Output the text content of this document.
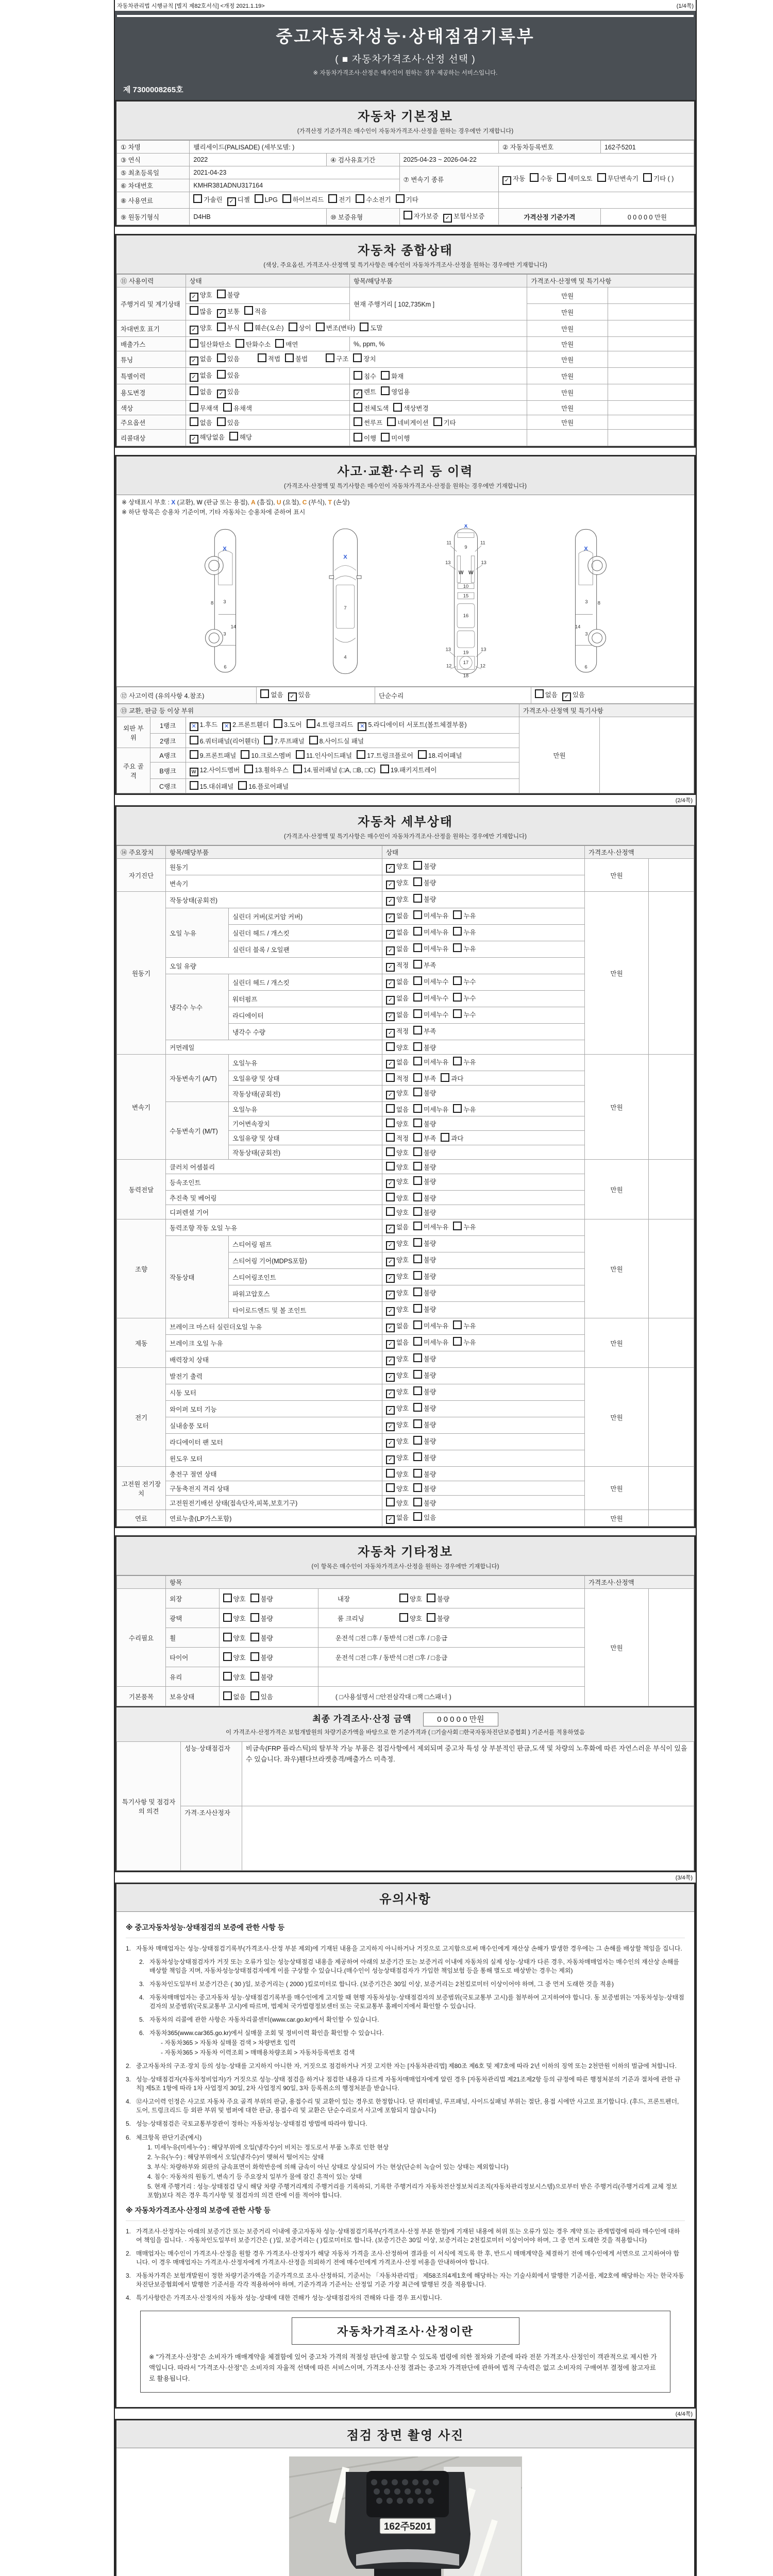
자동차관리법 시행규칙 [별지 제82호서식] <개정 2021.1.19>	(1/4쪽)
중고자동차성능·상태점검기록부
( ■ 자동차가격조사·산정 선택 )
※ 자동차가격조사·산정은 매수인이 원하는 경우 제공하는 서비스입니다.
제 7300008265호
자동차 기본정보
(가격산정 기준가격은 매수인이 자동차가격조사·산정을 원하는 경우에만 기재합니다)
① 차명	팰리세이드(PALISADE) (세부모델: )			② 자동차등록번호	162주5201
③ 연식	2022	④ 검사유효기간	2025-04-23 ~ 2026-04-22		
⑤ 최초등록일	2021-04-23		⑦ 변속기 종류	✓자동 수동 세미오토 무단변속기 기타 ( )
⑥ 차대번호	KMHR381ADNU317164				
⑧ 사용연료	가솔린 ✓ 디젤 LPG 하이브리드 전기 수소전기 기타	
⑨ 원동기형식	D4HB	⑩ 보증유형	자가보증 ✓ 보험사보증	가격산정 기준가격	0 0 0 0 0 만원
자동차 종합상태
(색상, 주요옵션, 가격조사·산정액 및 특기사항은 매수인이 자동차가격조사·산정을 원하는 경우에만 기재합니다)
⑪ 사용이력	상태	항목/해당부품	가격조사·산정액 및 특기사항	
주행거리 및 계기상태	✓양호 불량	현재 주행거리 [ 102,735Km ]	만원	
	많음 ✓ 보통 적음		만원	
차대번호 표기	✓양호 부식 훼손(오손) 상이 변조(변타) 도말		만원	
배출가스	일산화탄소 탄화수소 매연	%, ppm, %	만원	
튜닝	✓없음 있음 적법 불법 구조 장치		만원	
특별이력	✓없음 있음	침수 화재	만원	
용도변경	없음 ✓ 있음	✓렌트 영업용	만원	
색상	무채색 유채색	전체도색 색상변경	만원	
주요옵션	없음 있음	썬루프 네비게이션 기타	만원	
리콜대상	✓해당없음 해당	이행 미이행		
사고·교환·수리 등 이력
(가격조사·산정액 및 특기사항은 매수인이 자동차가격조사·산정을 원하는 경우에만 기재합니다)
※ 상태표시 부호 : X (교환), W (판금 또는 용접), A (흠집), U (요철), C (부식), T (손상)
※ 하단 항목은 승용차 기준이며, 기타 자동차는 승용차에 준하여 표시
X
8 3
14
3
6
X
7
4
X
9
11	11
13	13
W W
10
15
16
13	13
19
12	12
17
18
X
3 8
14
3
6
⑫ 사고이력 (유의사항 4.참조)	없음 ✓ 있음	단순수리	없음 ✓ 있음
⑬ 교환, 판금 등 이상 부위			가격조사·산정액 및 특기사항	
외판 부위	1랭크	✕1.후드 ✕ 2.프론트휀더 3.도어 4.트렁크리드 ✕ 5.라디에이터 서포트(볼트체결부품)	만원	
	2랭크	6.쿼터패널(리어휀더) 7.루프패널 8.사이드실 패널		
주요 골격	A랭크	9.프론트패널 10.크로스멤버 11.인사이드패널 17.트렁크플로어 18.리어패널		
	B랭크	W12.사이드멤버 13.휠하우스 14.필러패널 (□A, □B, □C) 19.패키지트레이
	C랭크	15.대쉬패널 16.플로어패널		
(2/4쪽)
자동차 세부상태
(가격조사·산정액 및 특기사항은 매수인이 자동차가격조사·산정을 원하는 경우에만 기재합니다)
⑭ 주요장치	항목/해당부품		상태	가격조사·산정액	
자기진단	원동기	✓양호 불량	만원	
	변속기	✓양호 불량
원동기	작동상태(공회전)	✓양호 불량	만원	
	오일 누유	실린더 커버(로커암 커버)	✓없음 미세누유 누유
		실린더 헤드 / 개스킷	✓없음 미세누유 누유
		실린더 블록 / 오일팬	✓없음 미세누유 누유
	오일 유량	✓적정 부족
	냉각수 누수	실린더 헤드 / 개스킷	✓없음 미세누수 누수
		워터펌프	✓없음 미세누수 누수
		라디에이터	✓없음 미세누수 누수
		냉각수 수량	✓적정 부족
	커먼레일		양호 불량		
변속기	자동변속기 (A/T)	오일누유	✓없음 미세누유 누유	만원	
		오일유량 및 상태	적정 부족 과다		
		작동상태(공회전)	✓양호 불량
	수동변속기 (M/T)	오일누유	없음 미세누유 누유		
		기어변속장치	양호 불량		
		오일유량 및 상태	적정 부족 과다		
		작동상태(공회전)	양호 불량		
동력전달	클러치 어셈블리		양호 불량	만원	
	등속조인트	✓양호 불량
	추진축 및 베어링		양호 불량		
	디퍼렌셜 기어		양호 불량		
조향	동력조향 작동 오일 누유	✓없음 미세누유 누유	만원	
	작동상태	스티어링 펌프	✓양호 불량
		스티어링 기어(MDPS포함)	✓양호 불량
		스티어링조인트	✓양호 불량
		파워고압호스	✓양호 불량
		타이로드엔드 및 볼 조인트	✓양호 불량
제동	브레이크 마스터 실린더오일 누유	✓없음 미세누유 누유	만원	
	브레이크 오일 누유	✓없음 미세누유 누유
	배력장치 상태	✓양호 불량
전기	발전기 출력	✓양호 불량	만원	
	시동 모터	✓양호 불량
	와이퍼 모터 기능	✓양호 불량
	실내송풍 모터	✓양호 불량
	라디에이터 팬 모터	✓양호 불량
	윈도우 모터	✓양호 불량
고전원 전기장치	충전구 절연 상태		양호 불량	만원	
	구동축전지 격리 상태		양호 불량		
	고전원전기배선 상태(접속단자,피복,보호기구)		양호 불량		
연료	연료누출(LP가스포함)	✓없음 있음	만원	
자동차 기타정보
(이 항목은 매수인이 자동차가격조사·산정을 원하는 경우에만 기재합니다)
	항목			가격조사·산정액	
수리필요	외장	양호 불량	내장 양호 불량	만원	
	광택	양호 불량	룸 크리닝 양호 불량		
	휠	양호 불량	운전석 □전 □후 / 동반석 □전 □후 / □응급		
	타이어	양호 불량	운전석 □전 □후 / 동반석 □전 □후 / □응급		
	유리	양호 불량			
기본품목	보유상태	없음 있음	( □사용설명서 □안전삼각대 □잭 □스패너 )		
최종 가격조사·산정 금액	0 0 0 0 0 만원
이 가격조사·산정가격은 보험개발원의 차량기준가액을 바탕으로 한 기준가격과 ( □기술사회 □한국자동차진단보증협회 ) 기준서를 적용하였음
특기사항 및 점검자의 의견	성능·상태점검자	비금속(FRP 플라스틱)의 탈부착 가능 부품은 점검사항에서 제외되며 중고차 특성 상 부분적인 판금,도색 및 차량의 노후화에 따른 자연스러운 부식이 있을 수 있습니다. 좌우)휀다브라켓충격/배출가스 미측정.
	가격·조사산정자	
(3/4쪽)
유의사항
※ 중고자동차성능·상태점검의 보증에 관한 사항 등
1. 자동차 매매업자는 성능·상태점검기록부(가격조사·산정 부분 제외)에 기재된 내용을 고지하지 아니하거나 거짓으로 고지함으로써 매수인에게 재산상 손해가 발생한 경우에는 그 손해를 배상할 책임을 집니다.
2. 자동차성능상태점검자가 거짓 또는 오류가 있는 성능상태점검 내용을 제공하여 아래의 보증기간 또는 보증거리 이내에 자동차의 실제 성능·상태가 다른 경우, 자동차매매업자는 매수인의 재산상 손해를 배상할 책임을 지며, 자동차성능상태점검자에게 이를 구상할 수 있습니다.(매수인이 성능상태점검자가 가입한 책임보험 등을 통해 별도로 배상받는 경우는 제외)
3. 자동차인도일부터 보증기간은 ( 30 )일, 보증거리는 ( 2000 )킬로미터로 합니다. (보증기간은 30일 이상, 보증거리는 2천킬로미터 이상이어야 하며, 그 중 먼저 도래한 것을 적용)
4. 자동차매매업자는 중고자동차 성능·상태점검기록부를 매수인에게 고지할 때 현행 자동차성능·상태점검자의 보증범위(국토교통부 고시)를 첨부하여 고지하여야 합니다. 동 보증범위는 '자동차성능·상태점검자의 보증범위'(국토교통부 고시)에 따르며, 법제처 국가법령정보센터 또는 국토교통부 홈페이지에서 확인할 수 있습니다.
5. 자동차의 리콜에 관한 사항은 자동차리콜센터(www.car.go.kr)에서 확인할 수 있습니다.
6. 자동차365(www.car365.go.kr)에서 실매물 조회 및 정비이력 확인을 확인할 수 있습니다.
- 자동차365 > 자동차 실매물 검색 > 차량번호 입력
- 자동차365 > 자동차 이력조회 > 매매용차량조회 > 자동차등록번호 검색
2. 중고자동차의 구조·장치 등의 성능·상태를 고지하지 아니한 자, 거짓으로 점검하거나 거짓 고지한 자는 [자동차관리법] 제80조 제6호 및 제7호에 따라 2년 이하의 징역 또는 2천만원 이하의 벌금에 처합니다.
3. 성능·상태점검자(자동차정비업자)가 거짓으로 성능·상태 점검을 하거나 점검한 내용과 다르게 자동차매매업자에게 알린 경우 [자동차관리법 제21조제2항 등의 규정에 따른 행정처분의 기준과 절차에 관한 규칙] 제5조 1항에 따라 1차 사업정지 30일, 2차 사업정지 90일, 3차 등록취소의 행정처분을 받습니다.
4. ⑫사고이력 인정은 사고로 자동차 주요 골격 부위의 판금, 용접수리 및 교환이 있는 경우로 한정합니다. 단 쿼터패널, 루프패널, 사이드실패널 부위는 절단, 용접 시에만 사고로 표기합니다. (후드, 프론트펜더, 도어, 트렁크리드 등 외판 부위 및 범퍼에 대한 판금, 용접수리 및 교환은 단순수리로서 사고에 포함되지 않습니다)
5. 성능·상태점검은 국토교통부장관이 정하는 자동차성능·상태점검 방법에 따라야 합니다.
6. 체크항목 판단기준(예시)
1. 미세누유(미세누수) : 해당부위에 오일(냉각수)이 비치는 정도로서 부품 노후로 인한 현상
2. 누유(누수) : 해당부위에서 오일(냉각수)이 맺혀서 떨어지는 상태
3. 부식: 차량하부와 외판의 금속표면이 화학반응에 의해 금속이 아닌 상태로 상실되어 가는 현상(단순히 녹슬어 있는 상태는 제외합니다)
4. 침수: 자동차의 원동기, 변속기 등 주요장치 일부가 물에 잠긴 흔적이 있는 상태
5. 현재 주행거리 : 성능·상태점검 당시 해당 차량 주행거리계의 주행거리를 기록하되, 기록한 주행거리가 자동차전산정보처리조직(자동차관리정보시스템)으로부터 받은 주행거리(주행거리계 교체 정보 포함)보다 적은 경우 특기사항 및 점검자의 의견 란에 이를 적어야 합니다.
※ 자동차가격조사·산정의 보증에 관한 사항 등
1. 가격조사·산정자는 아래의 보증기간 또는 보증거리 이내에 중고자동차 성능·상태점검기록부(가격조사·산정 부분 한정)에 기재된 내용에 허위 또는 오류가 있는 경우 계약 또는 관계법령에 따라 매수인에 대하여 책임을 집니다. · 자동차인도일부터 보증기간은 ( )일, 보증거리는 ( )킬로미터로 합니다. (보증기간은 30일 이상, 보증거리는 2천킬로미터 이상이어야 하며, 그 중 먼저 도래한 것을 적용합니다)
2. 매매업자는 매수인이 가격조사·산정을 원할 경우 가격조사·산정자가 해당 자동차 가격을 조사·산정하여 결과를 이 서식에 적도록 한 후, 반드시 매매계약을 체결하기 전에 매수인에게 서면으로 고지하여야 합니다. 이 경우 매매업자는 가격조사·산정자에게 가격조사·산정을 의뢰하기 전에 매수인에게 가격조사·산정 비용을 안내하여야 합니다.
3. 자동차가격은 보험개발원이 정한 차량기준가액을 기준가격으로 조사·산정하되, 기준서는 「자동차관리법」 제58조의4제1호에 해당하는 자는 기술사회에서 발행한 기준서를, 제2호에 해당하는 자는 한국자동차진단보증협회에서 발행한 기준서를 각각 적용하여야 하며, 기준가격과 기준서는 산정일 기준 가장 최근에 발행된 것을 적용합니다.
4. 특기사항란은 가격조사·산정자의 자동차 성능·상태에 대한 견해가 성능·상태점검자의 견해와 다를 경우 표시합니다.
자동차가격조사·산정이란
※ "가격조사·산정"은 소비자가 매매계약을 체결함에 있어 중고차 가격의 적절성 판단에 참고할 수 있도록 법령에 의한 절차와 기준에 따라 전문 가격조사·산정인이 객관적으로 제시한 가액입니다. 따라서 "가격조사·산정"은 소비자의 자율적 선택에 따른 서비스이며, 가격조사·산정 결과는 중고차 가격판단에 관하여 법적 구속력은 없고 소비자의 구매여부 결정에 참고자료로 활용됩니다.
(4/4쪽)
점검 장면 촬영 사진
162주5201
